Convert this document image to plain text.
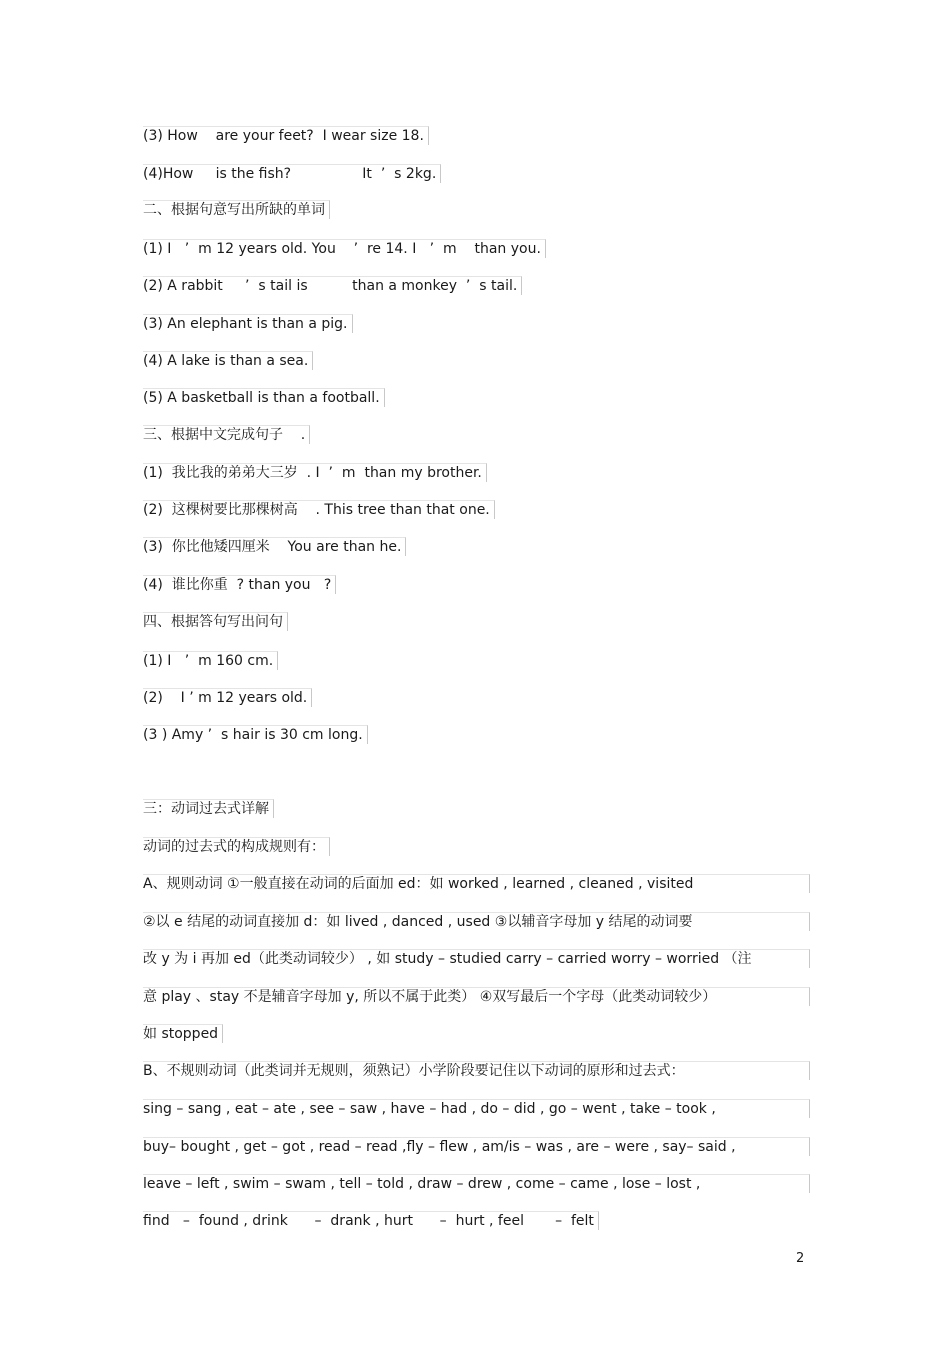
(3) How    are your feet?  I wear size 18.
(4)How     is the fish?                It  ’  s 2kg.
二、根据句意写出所缺的单词
(1) I   ’  m 12 years old. You    ’  re 14. I   ’  m    than you.
(2) A rabbit     ’  s tail is          than a monkey  ’  s tail.
(3) An elephant is than a pig.
(4) A lake is than a sea.
(5) A basketball is than a football.
三、根据中文完成句子    .
(1)  我比我的弟弟大三岁  . I  ’  m  than my brother.
(2)  这棵树要比那棵树高    . This tree than that one.
(3)  你比他矮四厘米    You are than he.
(4)  谁比你重  ? than you   ?
四、根据答句写出问句
(1) I   ’  m 160 cm.
(2)    I ’ m 12 years old.
(3 ) Amy ’  s hair is 30 cm long.
三：动词过去式详解
动词的过去式的构成规则有：
A、规则动词 ①一般直接在动词的后面加 ed：如 worked , learned , cleaned , visited
②以 e 结尾的动词直接加 d：如 lived , danced , used ③以辅音字母加 y 结尾的动词要
改 y 为 i 再加 ed（此类动词较少） , 如 study – studied carry – carried worry – worried （注
意 play 、stay 不是辅音字母加 y, 所以不属于此类） ④双写最后一个字母（此类动词较少）
如 stopped
B、不规则动词（此类词并无规则，须熟记）小学阶段要记住以下动词的原形和过去式：
sing – sang , eat – ate , see – saw , have – had , do – did , go – went , take – took ,
buy– bought , get – got , read – read ,fly – flew , am/is – was , are – were , say– said ,
leave – left , swim – swam , tell – told , draw – drew , come – came , lose – lost ,
find   –  found , drink      –  drank , hurt      –  hurt , feel       –  felt
2
